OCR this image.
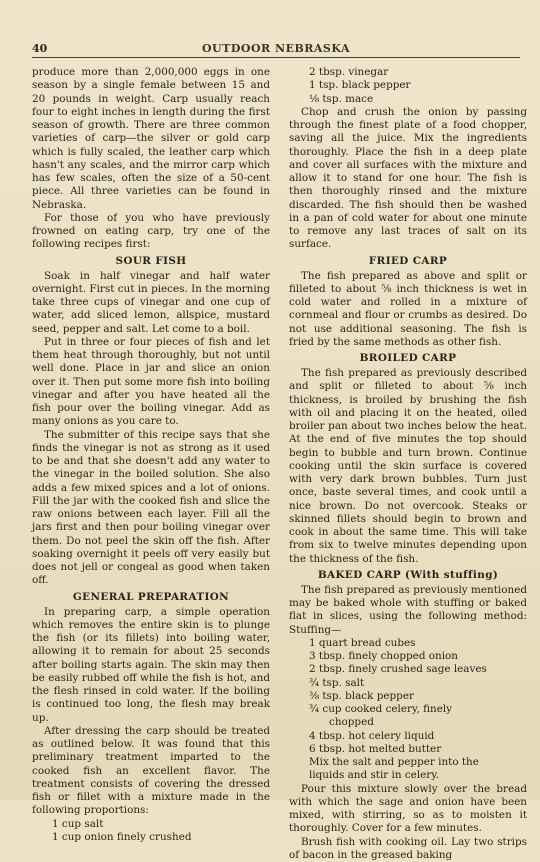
40	OUTDOOR NEBRASKA

produce more than 2,000,000 eggs in one season by a single female between 15 and 20 pounds in weight. Carp usually reach four to eight inches in length during the first season of growth. There are three common varieties of carp—the silver or gold carp which is fully scaled, the leather carp which hasn't any scales, and the mirror carp which has few scales, often the size of a 50-cent piece. All three varieties can be found in Nebraska.

For those of you who have previously frowned on eating carp, try one of the following recipes first:

SOUR FISH

Soak in half vinegar and half water overnight. First cut in pieces. In the morning take three cups of vinegar and one cup of water, add sliced lemon, allspice, mustard seed, pepper and salt. Let come to a boil.

Put in three or four pieces of fish and let them heat through thoroughly, but not until well done. Place in jar and slice an onion over it. Then put some more fish into boiling vinegar and after you have heated all the fish pour over the boiling vinegar. Add as many onions as you care to.

The submitter of this recipe says that she finds the vinegar is not as strong as it used to be and that she doesn't add any water to the vinegar in the boiled solution. She also adds a few mixed spices and a lot of onions. Fill the jar with the cooked fish and slice the raw onions between each layer. Fill all the jars first and then pour boiling vinegar over them. Do not peel the skin off the fish. After soaking overnight it peels off very easily but does not jell or congeal as good when taken off.

GENERAL PREPARATION

In preparing carp, a simple operation which removes the entire skin is to plunge the fish (or its fillets) into boiling water, allowing it to remain for about 25 seconds after boiling starts again. The skin may then be easily rubbed off while the fish is hot, and the flesh rinsed in cold water. If the boiling is continued too long, the flesh may break up.

After dressing the carp should be treated as outlined below. It was found that this preliminary treatment imparted to the cooked fish an excellent flavor. The treatment consists of covering the dressed fish or fillet with a mixture made in the following proportions:

1 cup salt

1 cup onion finely crushed

2 tbsp. vinegar

1 tsp. black pepper

⅛ tsp. mace

Chop and crush the onion by passing through the finest plate of a food chopper, saving all the juice. Mix the ingredients thoroughly. Place the fish in a deep plate and cover all surfaces with the mixture and allow it to stand for one hour. The fish is then thoroughly rinsed and the mixture discarded. The fish should then be washed in a pan of cold water for about one minute to remove any last traces of salt on its surface.

FRIED CARP

The fish prepared as above and split or filleted to about ⅝ inch thickness is wet in cold water and rolled in a mixture of cornmeal and flour or crumbs as desired. Do not use additional seasoning. The fish is fried by the same methods as other fish.

BROILED CARP

The fish prepared as previously described and split or filleted to about ⅝ inch thickness, is broiled by brushing the fish with oil and placing it on the heated, oiled broiler pan about two inches below the heat. At the end of five minutes the top should begin to bubble and turn brown. Continue cooking until the skin surface is covered with very dark brown bubbles. Turn just once, baste several times, and cook until a nice brown. Do not overcook. Steaks or skinned fillets should begin to brown and cook in about the same time. This will take from six to twelve minutes depending upon the thickness of the fish.

BAKED CARP (With stuffing)

The fish prepared as previously mentioned may be baked whole with stuffing or baked flat in slices, using the following method: Stuffing—

1 quart bread cubes

3 tbsp. finely chopped onion

2 tbsp. finely crushed sage leaves

¾ tsp. salt

⅜ tsp. black pepper

¾ cup cooked celery, finely

chopped

4 tbsp. hot celery liquid

6 tbsp. hot melted butter

Mix the salt and pepper into the

liquids and stir in celery.

Pour this mixture slowly over the bread with which the sage and onion have been mixed, with stirring, so as to moisten it thoroughly. Cover for a few minutes.

Brush fish with cooking oil. Lay two strips of bacon in the greased baking
